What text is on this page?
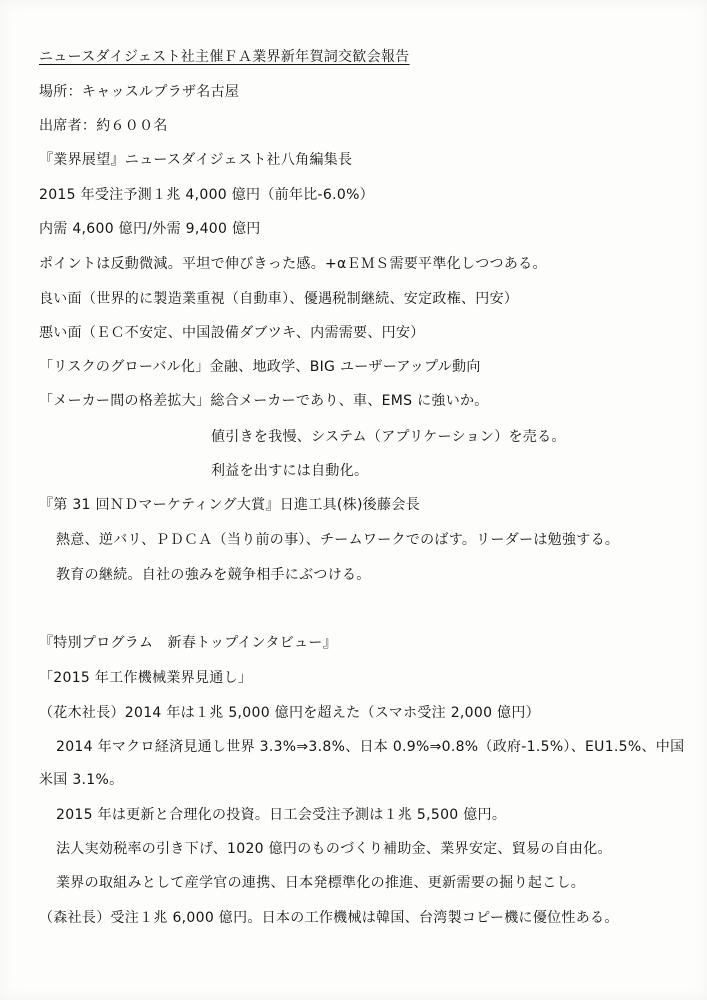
ニュースダイジェスト社主催ＦＡ業界新年賀詞交歓会報告
場所：キャッスルプラザ名古屋
出席者：約６００名
『業界展望』ニュースダイジェスト社八角編集長
2015 年受注予測１兆 4,000 億円（前年比-6.0%）
内需 4,600 億円/外需 9,400 億円
ポイントは反動微減。平坦で伸びきった感。+αＥＭＳ需要平準化しつつある。
良い面（世界的に製造業重視（自動車）、優遇税制継続、安定政権、円安）
悪い面（ＥＣ不安定、中国設備ダブツキ、内需需要、円安）
「リスクのグローバル化」金融、地政学、BIG ユーザーアップル動向
「メーカー間の格差拡大」総合メーカーであり、車、EMS に強いか。
値引きを我慢、システム（アプリケーション）を売る。
利益を出すには自動化。
『第 31 回ＮＤマーケティング大賞』日進工具(株)後藤会長
熱意、逆バリ、ＰＤＣＡ（当り前の事）、チームワークでのばす。リーダーは勉強する。
教育の継続。自社の強みを競争相手にぶつける。
『特別プログラム　新春トップインタビュー』
「2015 年工作機械業界見通し」
（花木社長）2014 年は１兆 5,000 億円を超えた（スマホ受注 2,000 億円）
2014 年マクロ経済見通し世界 3.3%⇒3.8%、日本 0.9%⇒0.8%（政府-1.5%）、EU1.5%、中国
米国 3.1%。
2015 年は更新と合理化の投資。日工会受注予測は１兆 5,500 億円。
法人実効税率の引き下げ、1020 億円のものづくり補助金、業界安定、貿易の自由化。
業界の取組みとして産学官の連携、日本発標準化の推進、更新需要の掘り起こし。
（森社長）受注１兆 6,000 億円。日本の工作機械は韓国、台湾製コピー機に優位性ある。
